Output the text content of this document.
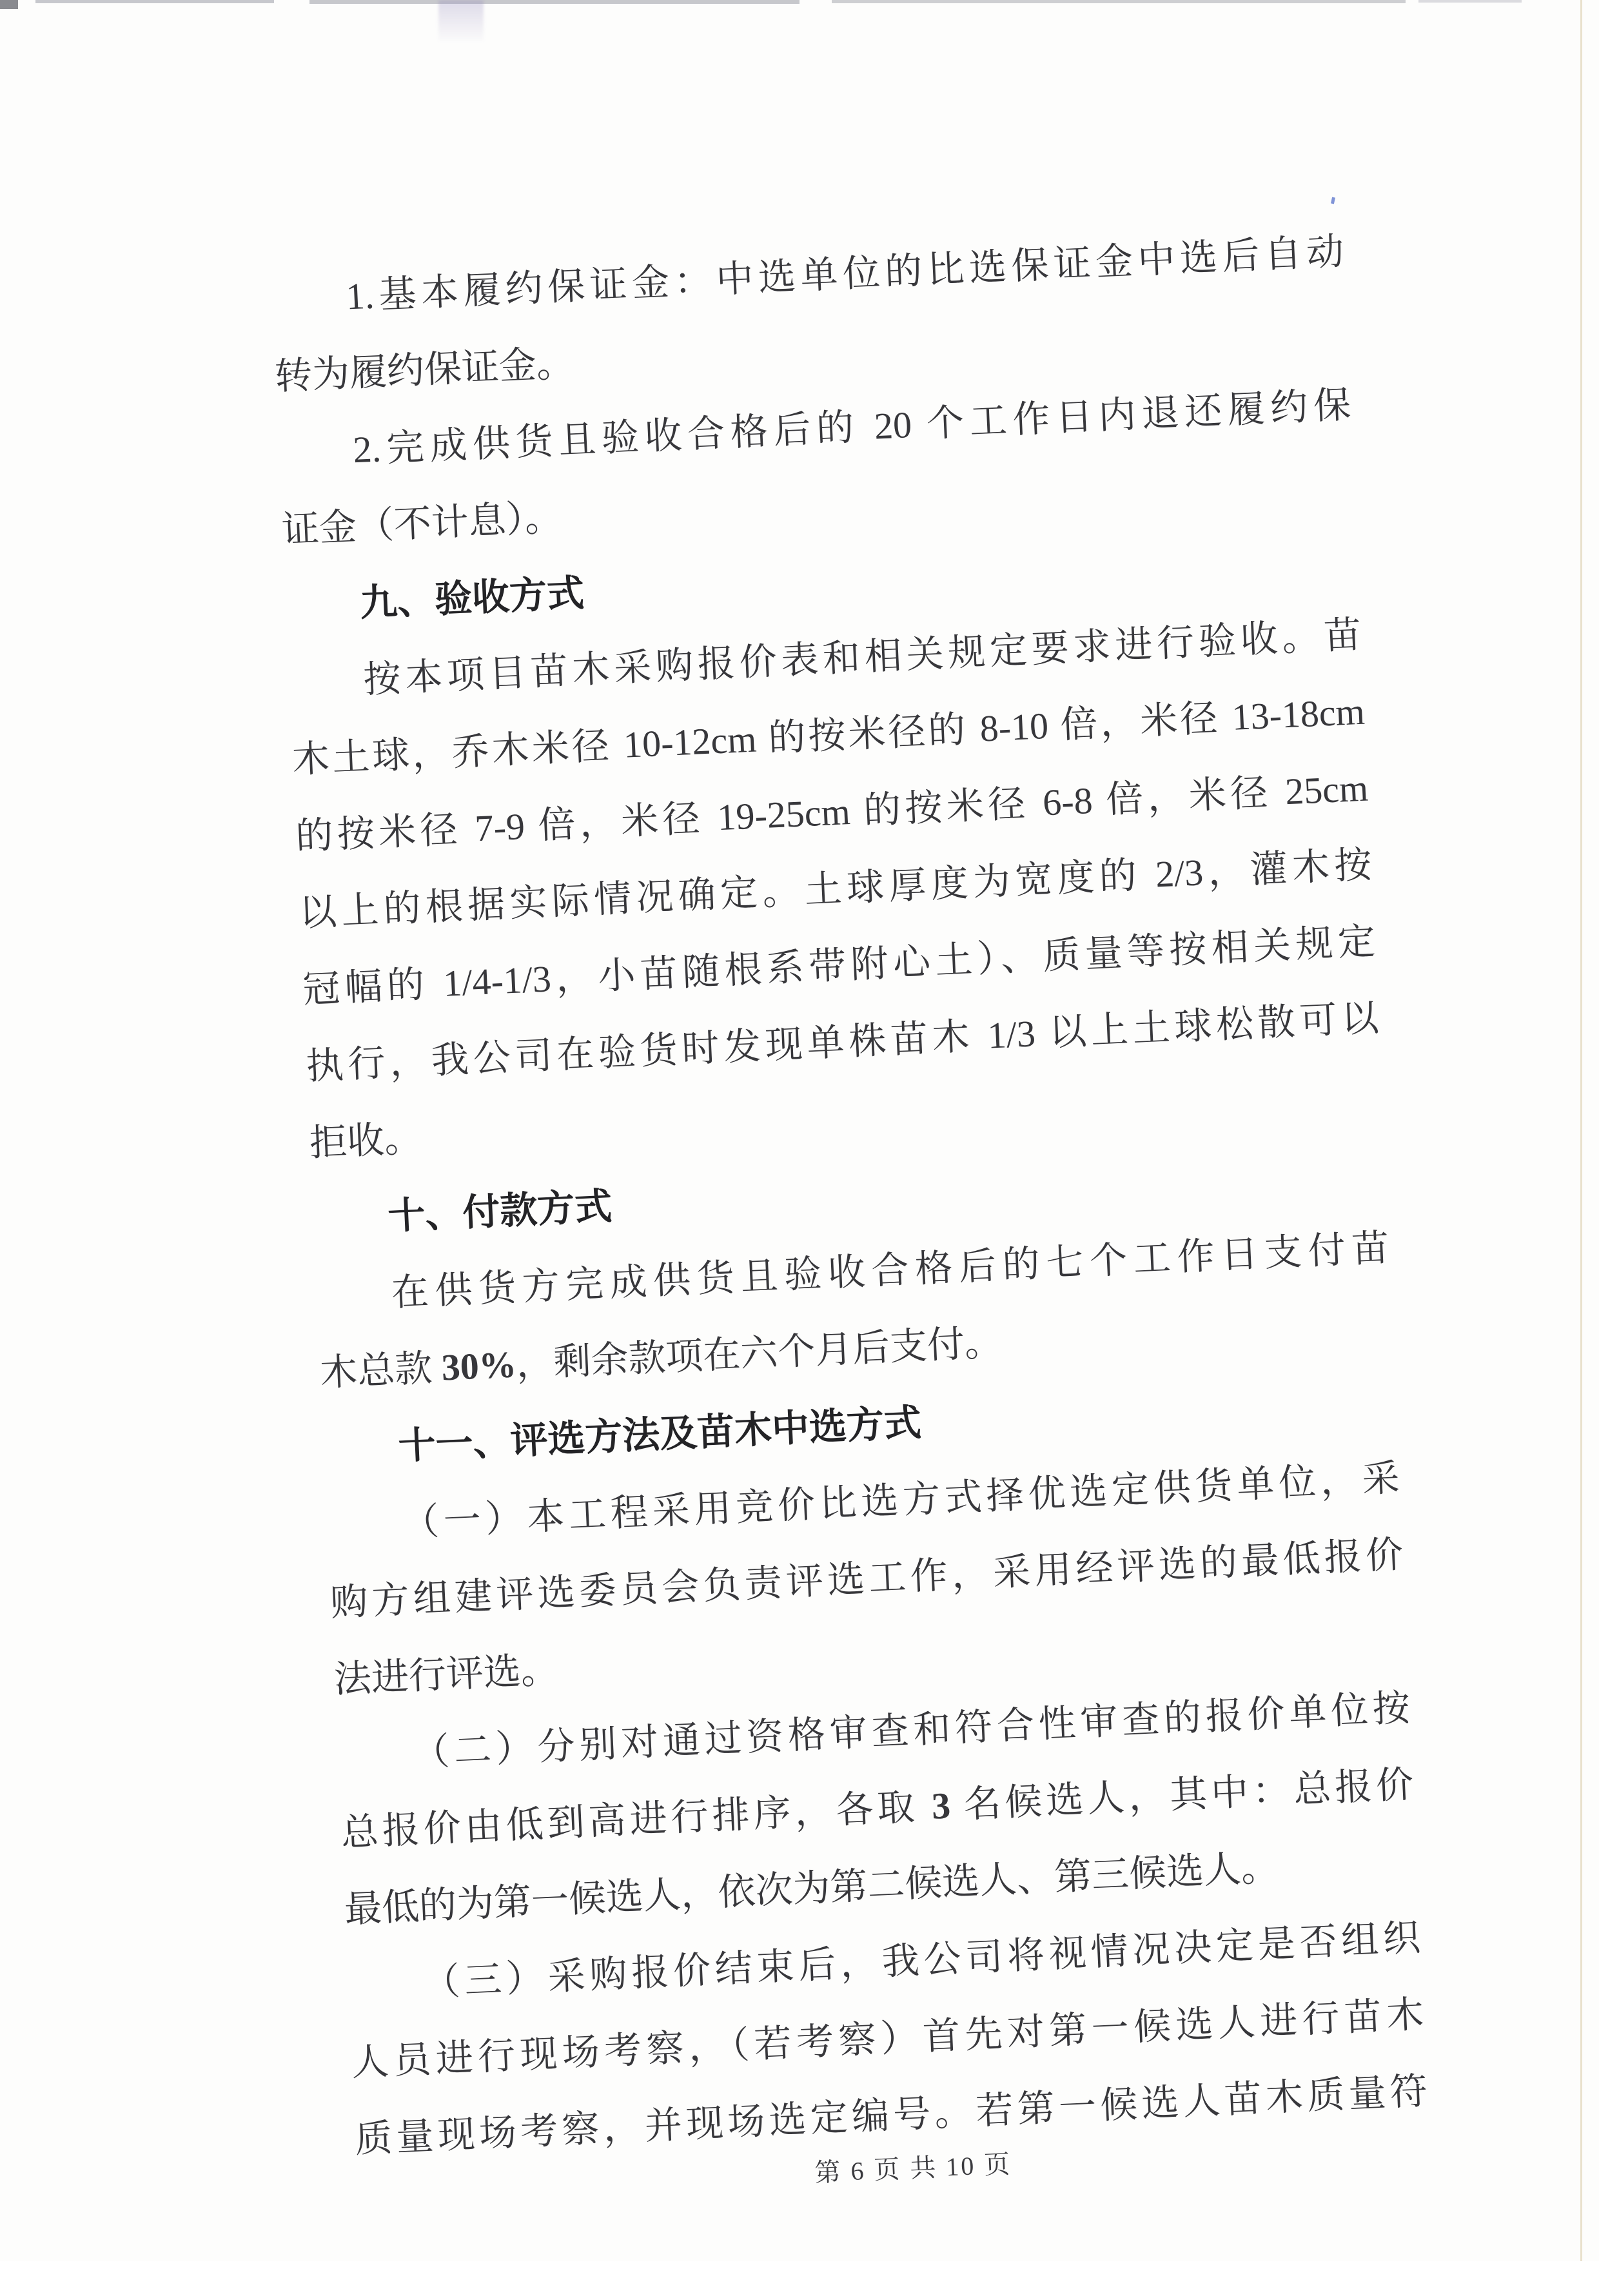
1.基本履约保证金：中选单位的比选保证金中选后自动
转为履约保证金。
2.完成供货且验收合格后的 20 个工作日内退还履约保
证金（不计息）。
九、验收方式
按本项目苗木采购报价表和相关规定要求进行验收。苗
木土球，乔木米径 10-12cm 的按米径的 8-10 倍，米径 13-18cm
的按米径 7-9 倍，米径 19-25cm 的按米径 6-8 倍，米径 25cm
以上的根据实际情况确定。土球厚度为宽度的 2/3，灌木按
冠幅的 1/4-1/3，小苗随根系带附心土）、质量等按相关规定
执行，我公司在验货时发现单株苗木 1/3 以上土球松散可以
拒收。
十、付款方式
在供货方完成供货且验收合格后的七个工作日支付苗
木总款 30%，剩余款项在六个月后支付。
十一、评选方法及苗木中选方式
（一）本工程采用竞价比选方式择优选定供货单位，采
购方组建评选委员会负责评选工作，采用经评选的最低报价
法进行评选。
（二）分别对通过资格审查和符合性审查的报价单位按
总报价由低到高进行排序，各取 3 名候选人，其中：总报价
最低的为第一候选人，依次为第二候选人、第三候选人。
（三）采购报价结束后，我公司将视情况决定是否组织
人员进行现场考察，（若考察）首先对第一候选人进行苗木
质量现场考察，并现场选定编号。若第一候选人苗木质量符
第 6 页 共 10 页
